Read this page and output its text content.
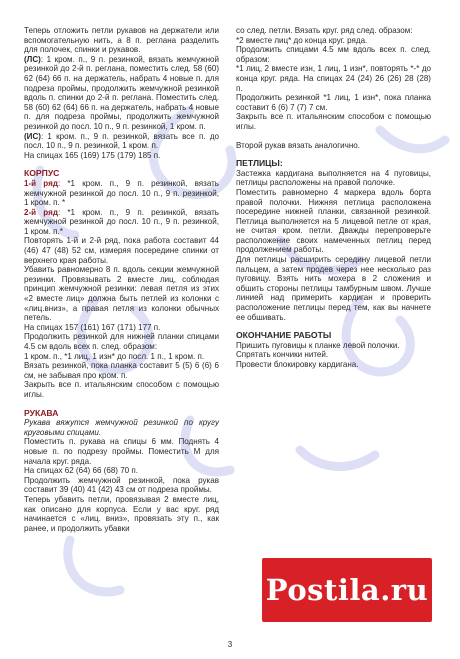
Теперь отложить петли рукавов на держатели или вспомогательную нить, а 8 п. реглана разделить для полочек, спинки и рукавов.

(ЛС): 1 кром. п., 9 п. резинкой, вязать жемчужной резинкой до 2-й п. реглана, поместить след. 58 (60) 62 (64) 66 п. на держатель, набрать 4 новые п. для подреза проймы, продолжить жемчужной резинкой вдоль п. спинки до 2-й п. реглана. Поместить след. 58 (60) 62 (64) 66 п. на держатель, набрать 4 новые п. для подреза проймы, продолжить жемчужной резинкой до посл. 10 п., 9 п. резинкой, 1 кром. п.

(ИС): 1 кром. п., 9 п. резинкой, вязать все п. до посл. 10 п., 9 п. резинкой, 1 кром. п.

На спицах 165 (169) 175 (179) 185 п.

КОРПУС

1-й ряд: *1 кром. п., 9 п. резинкой, вязать жемчужной резинкой до посл. 10 п., 9 п. резинкой, 1 кром. п. *

2-й ряд: *1 кром. п., 9 п. резинкой, вязать жемчужной резинкой до посл. 10 п., 9 п. резинкой, 1 кром. п.*

Повторять 1-й и 2-й ряд, пока работа составит 44 (46) 47 (48) 52 см, измеряя посередине спинки от верхнего края работы.

Убавить равномерно 8 п. вдоль секции жемчужной резинки. Провязывать 2 вместе лиц, соблюдая принцип жемчужной резинки: левая петля из этих «2 вместе лиц» должна быть петлей из колонки с «лиц.вниз», а правая петля из колонки обычных петель.

На спицах 157 (161) 167 (171) 177 п.

Продолжить резинкой для нижней планки спицами 4.5 см вдоль всех п. след. образом:

1 кром. п., *1 лиц, 1 изн* до посл. 1 п., 1 кром. п.

Вязать резинкой, пока планка составит 5 (5) 6 (6) 6 см, не забывая про кром. п.

Закрыть все п. итальянским способом с помощью иглы.

РУКАВА

Рукава вяжутся жемчужной резинкой по кругу круговыми спицами.

Поместить п. рукава на спицы 6 мм. Поднять 4 новые п. по подрезу проймы. Поместить М для начала круг. ряда.

На спицах 62 (64) 66 (68) 70 п.

Продолжить жемчужной резинкой, пока рукав составит 39 (40) 41 (42) 43 см от подреза проймы.

Теперь убавить петли, провязывая 2 вместе лиц, как описано для корпуса. Если у вас круг. ряд начинается с «лиц. вниз», провязать эту п., как ранее, и продолжить убавки

со след. петли. Вязать круг. ряд след. образом:

*2 вместе лиц* до конца круг. ряда.

Продолжить спицами 4.5 мм вдоль всех п. след. образом:

*1 лиц, 2 вместе изн, 1 лиц, 1 изн*, повторять *-* до конца круг. ряда. На спицах 24 (24) 26 (26) 28 (28) п.

Продолжить резинкой *1 лиц, 1 изн*, пока планка составит 6 (6) 7 (7) 7 см.

Закрыть все п. итальянским способом с помощью иглы.

Второй рукав вязать аналогично.

ПЕТЛИЦЫ:

Застежка кардигана выполняется на 4 пуговицы, петлицы расположены на правой полочке.

Поместить равномерно 4 маркера вдоль борта правой полочки. Нижняя петлица расположена посередине нижней планки, связанной резинкой. Петлица выполняется на 5 лицевой петле от края, не считая кром. петли. Дважды перепроверьте расположение своих намеченных петлиц перед продолжением работы.

Для петлицы расширить середину лицевой петли пальцем, а затем продев через нее несколько раз пуговицу. Взять нить мохера в 2 сложения и обшить стороны петлицы тамбурным швом. Лучше линией над примерить кардиган и проверить расположение петлицы перед тем, как вы начнете ее обшивать.

ОКОНЧАНИЕ РАБОТЫ

Пришить пуговицы к планке левой полочки.

Спрятать кончики нитей.

Провести блокировку кардигана.

Postila.ru
3
